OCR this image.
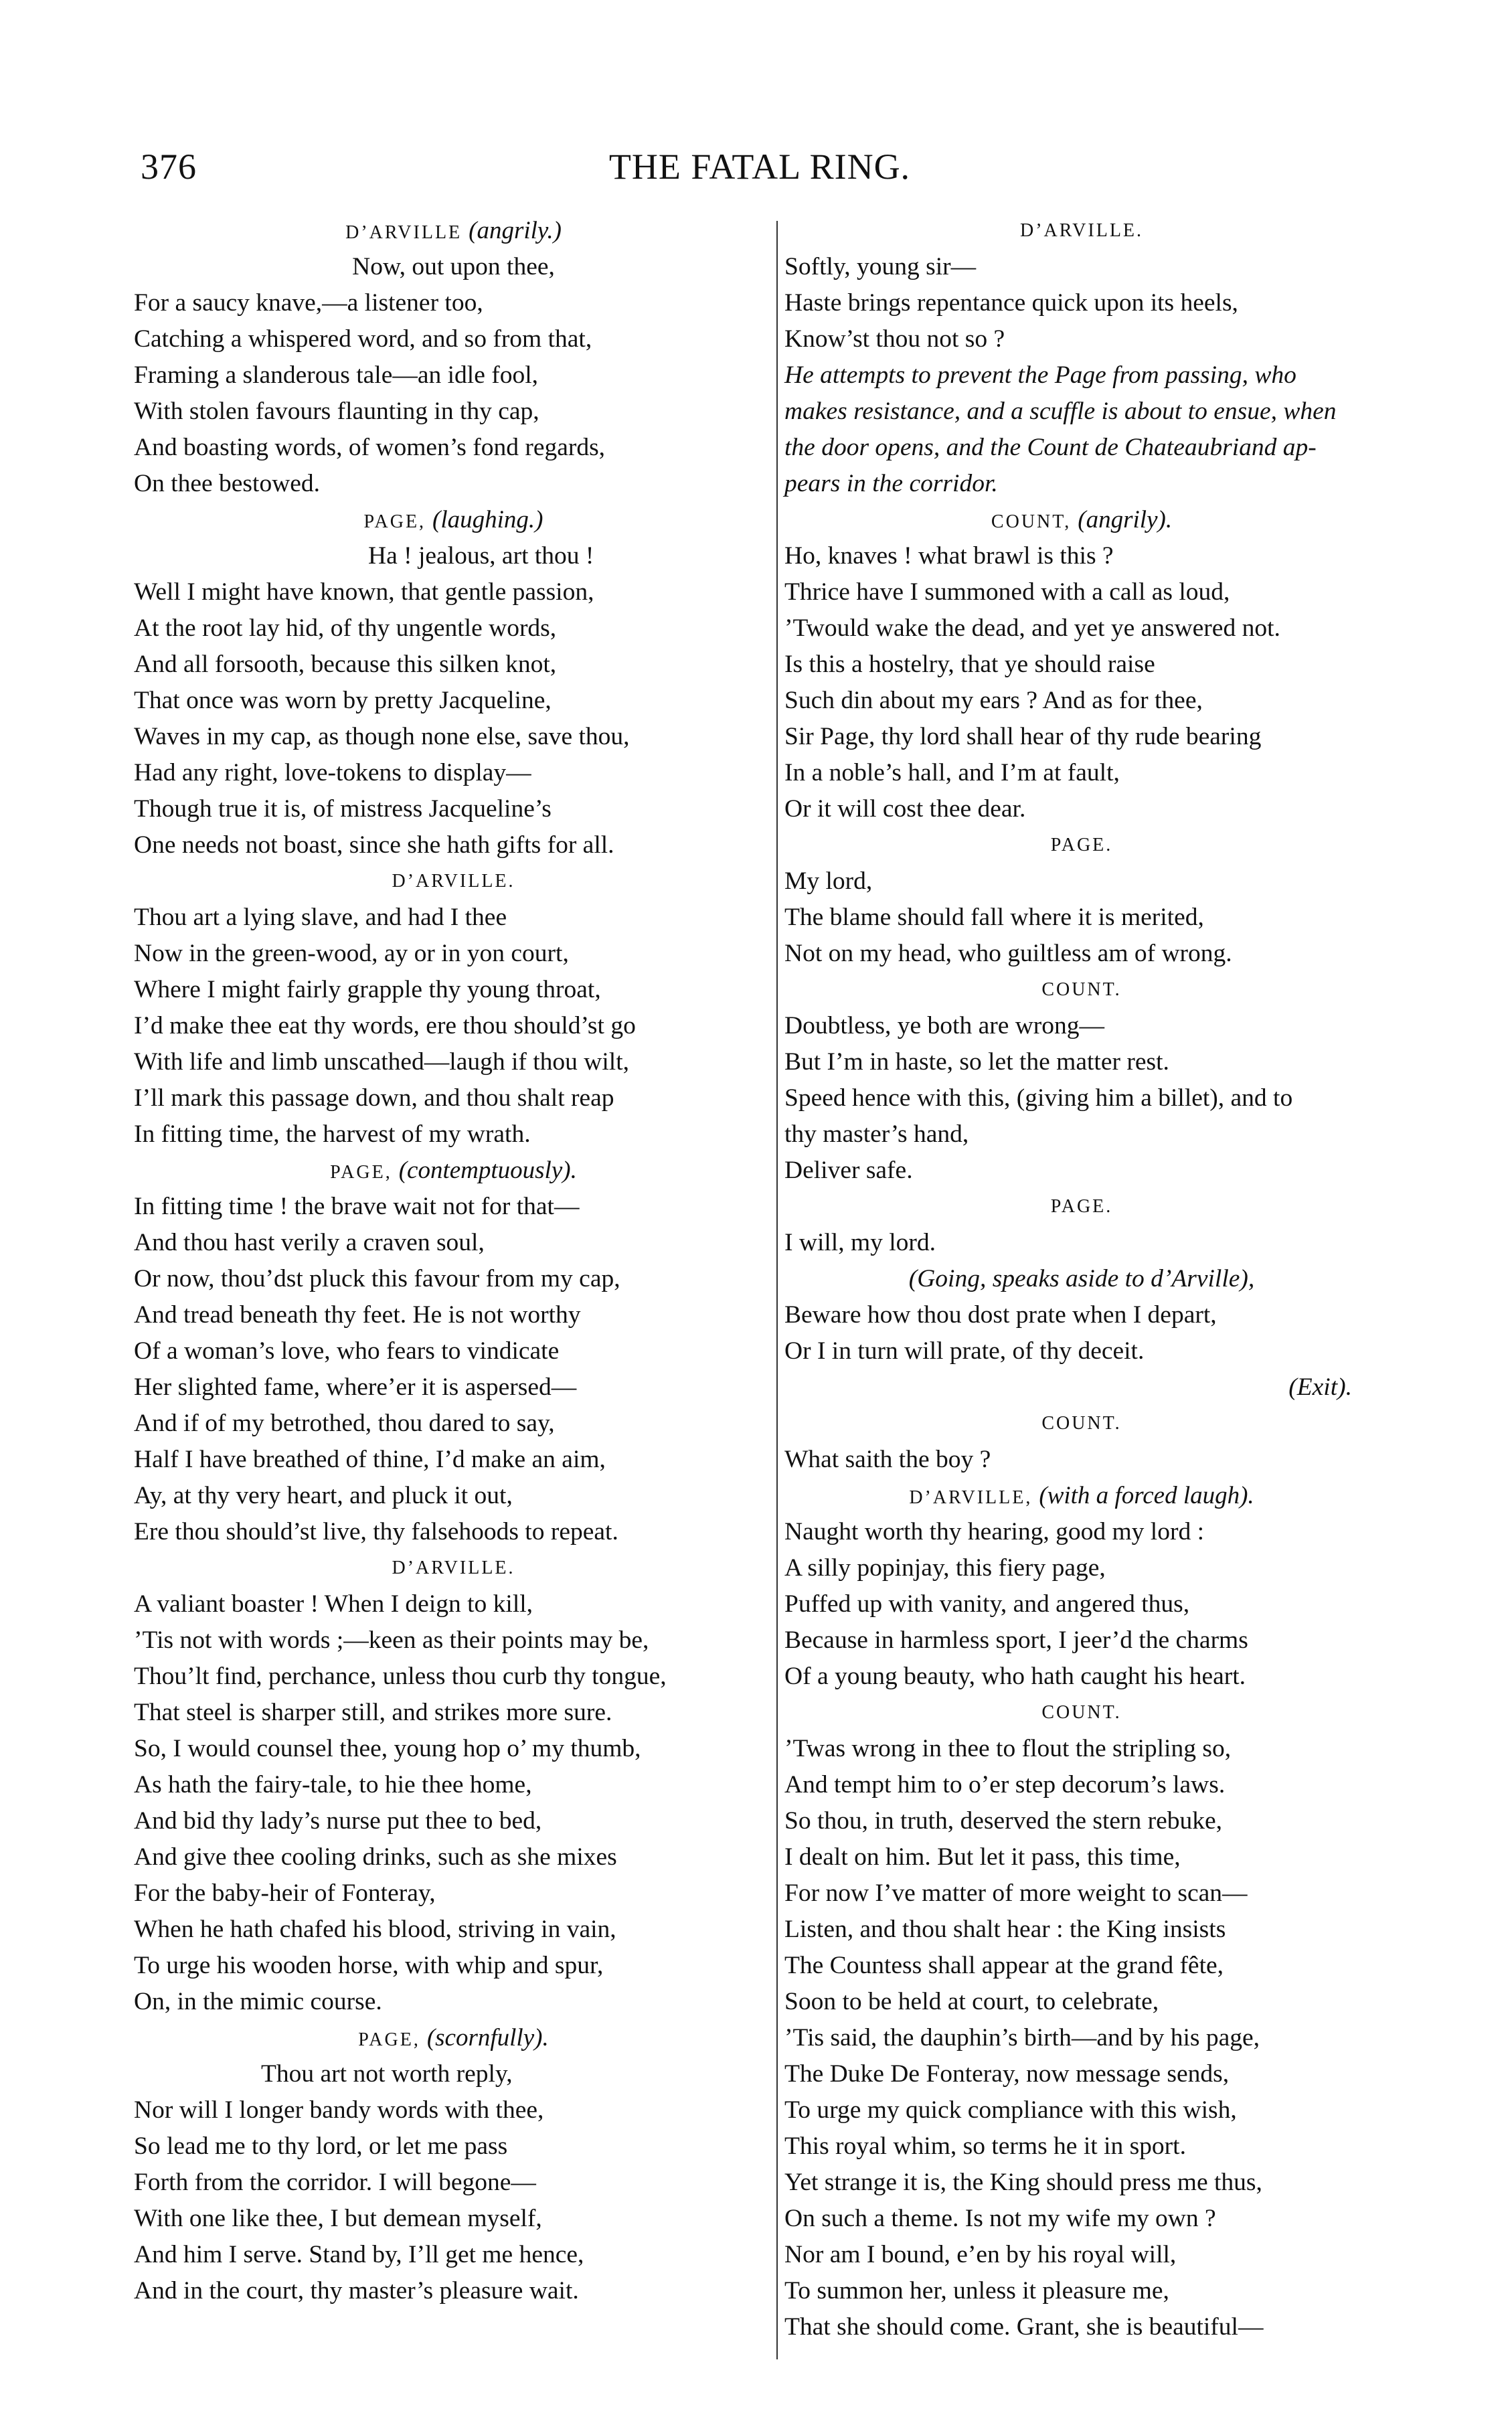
376	THE FATAL RING.
D’ARVILLE (angrily.)
Now, out upon thee,
For a saucy knave,—a listener too,
Catching a whispered word, and so from that,
Framing a slanderous tale—an idle fool,
With stolen favours flaunting in thy cap,
And boasting words, of women’s fond regards,
On thee bestowed.
PAGE, (laughing.)
Ha ! jealous, art thou !
Well I might have known, that gentle passion,
At the root lay hid, of thy ungentle words,
And all forsooth, because this silken knot,
That once was worn by pretty Jacqueline,
Waves in my cap, as though none else, save thou,
Had any right, love-tokens to display—
Though true it is, of mistress Jacqueline’s
One needs not boast, since she hath gifts for all.
D’ARVILLE.
Thou art a lying slave, and had I thee
Now in the green-wood, ay or in yon court,
Where I might fairly grapple thy young throat,
I’d make thee eat thy words, ere thou should’st go
With life and limb unscathed—laugh if thou wilt,
I’ll mark this passage down, and thou shalt reap
In fitting time, the harvest of my wrath.
PAGE, (contemptuously).
In fitting time ! the brave wait not for that—
And thou hast verily a craven soul,
Or now, thou’dst pluck this favour from my cap,
And tread beneath thy feet. He is not worthy
Of a woman’s love, who fears to vindicate
Her slighted fame, where’er it is aspersed—
And if of my betrothed, thou dared to say,
Half I have breathed of thine, I’d make an aim,
Ay, at thy very heart, and pluck it out,
Ere thou should’st live, thy falsehoods to repeat.
D’ARVILLE.
A valiant boaster ! When I deign to kill,
’Tis not with words ;—keen as their points may be,
Thou’lt find, perchance, unless thou curb thy tongue,
That steel is sharper still, and strikes more sure.
So, I would counsel thee, young hop o’ my thumb,
As hath the fairy-tale, to hie thee home,
And bid thy lady’s nurse put thee to bed,
And give thee cooling drinks, such as she mixes
For the baby-heir of Fonteray,
When he hath chafed his blood, striving in vain,
To urge his wooden horse, with whip and spur,
On, in the mimic course.
PAGE, (scornfully).
Thou art not worth reply,
Nor will I longer bandy words with thee,
So lead me to thy lord, or let me pass
Forth from the corridor. I will begone—
With one like thee, I but demean myself,
And him I serve. Stand by, I’ll get me hence,
And in the court, thy master’s pleasure wait.
D’ARVILLE.
Softly, young sir—
Haste brings repentance quick upon its heels,
Know’st thou not so ?
He attempts to prevent the Page from passing, who
makes resistance, and a scuffle is about to ensue, when
the door opens, and the Count de Chateaubriand ap-
pears in the corridor.
COUNT, (angrily).
Ho, knaves ! what brawl is this ?
Thrice have I summoned with a call as loud,
’Twould wake the dead, and yet ye answered not.
Is this a hostelry, that ye should raise
Such din about my ears ? And as for thee,
Sir Page, thy lord shall hear of thy rude bearing
In a noble’s hall, and I’m at fault,
Or it will cost thee dear.
PAGE.
My lord,
The blame should fall where it is merited,
Not on my head, who guiltless am of wrong.
COUNT.
Doubtless, ye both are wrong—
But I’m in haste, so let the matter rest.
Speed hence with this, (giving him a billet), and to
thy master’s hand,
Deliver safe.
PAGE.
I will, my lord.
(Going, speaks aside to d’Arville),
Beware how thou dost prate when I depart,
Or I in turn will prate, of thy deceit.
(Exit).
COUNT.
What saith the boy ?
D’ARVILLE, (with a forced laugh).
Naught worth thy hearing, good my lord :
A silly popinjay, this fiery page,
Puffed up with vanity, and angered thus,
Because in harmless sport, I jeer’d the charms
Of a young beauty, who hath caught his heart.
COUNT.
’Twas wrong in thee to flout the stripling so,
And tempt him to o’er step decorum’s laws.
So thou, in truth, deserved the stern rebuke,
I dealt on him. But let it pass, this time,
For now I’ve matter of more weight to scan—
Listen, and thou shalt hear : the King insists
The Countess shall appear at the grand fête,
Soon to be held at court, to celebrate,
’Tis said, the dauphin’s birth—and by his page,
The Duke De Fonteray, now message sends,
To urge my quick compliance with this wish,
This royal whim, so terms he it in sport.
Yet strange it is, the King should press me thus,
On such a theme. Is not my wife my own ?
Nor am I bound, e’en by his royal will,
To summon her, unless it pleasure me,
That she should come. Grant, she is beautiful—
